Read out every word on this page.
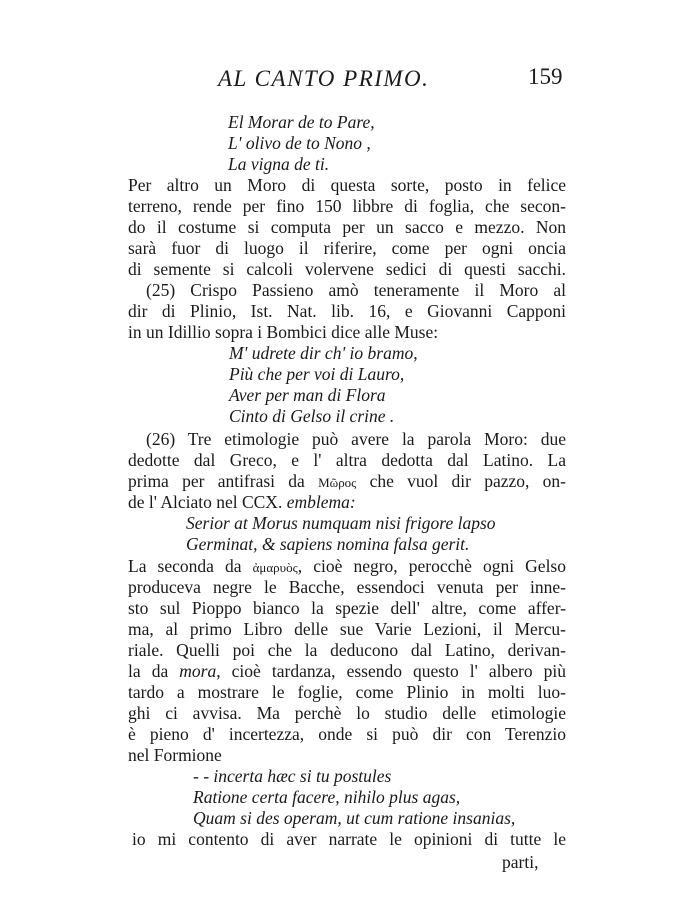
AL CANTO PRIMO.	159
El Morar de to Pare,
L' olivo de to Nono ,
La vigna de ti.
Per altro un Moro di questa sorte, posto in felice
terreno, rende per fino 150 libbre di foglia, che secon-
do il costume si computa per un sacco e mezzo. Non
sarà fuor di luogo il riferire, come per ogni oncia
di semente si calcoli volervene sedici di questi sacchi.
(25) Crispo Passieno amò teneramente il Moro al
dir di Plinio, Ist. Nat. lib. 16, e Giovanni Capponi
in un Idillio sopra i Bombici dice alle Muse:
M' udrete dir ch' io bramo,
Più che per voi di Lauro,
Aver per man di Flora
Cinto di Gelso il crine .
(26) Tre etimologie può avere la parola Moro: due
dedotte dal Greco, e l' altra dedotta dal Latino. La
prima per antifrasi da Μῶρος che vuol dir pazzo, on-
de l' Alciato nel CCX. emblema:
Serior at Morus numquam nisi frigore lapso
Germinat, & sapiens nomina falsa gerit.
La seconda da ἀμαρυὸς, cioè negro, perocchè ogni Gelso
produceva negre le Bacche, essendoci venuta per inne-
sto sul Pioppo bianco la spezie dell' altre, come affer-
ma, al primo Libro delle sue Varie Lezioni, il Mercu-
riale. Quelli poi che la deducono dal Latino, derivan-
la da mora, cioè tardanza, essendo questo l' albero più
tardo a mostrare le foglie, come Plinio in molti luo-
ghi ci avvisa. Ma perchè lo studio delle etimologie
è pieno d' incertezza, onde si può dir con Terenzio
nel Formione
- - incerta hæc si tu postules
Ratione certa facere, nihilo plus agas,
Quam si des operam, ut cum ratione insanias,
io mi contento di aver narrate le opinioni di tutte le
parti,
